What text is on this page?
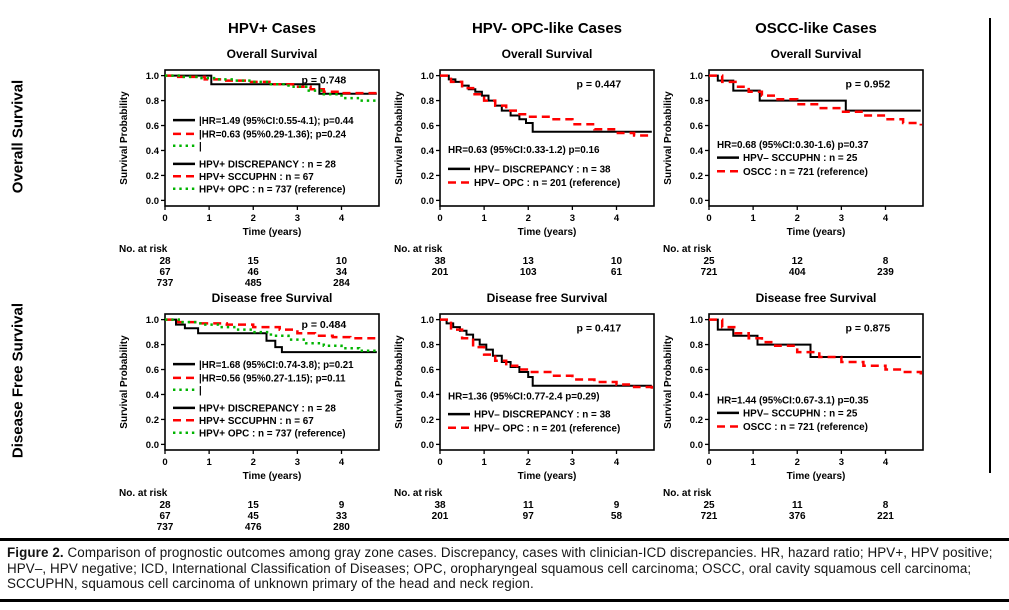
HPV+ Cases	HPV- OPC-like Cases	OSCC-like Cases
Overall Survival
Disease Free Survival
Overall Survival
1.0
0.8
0.6
0.4
0.2
0.0
0	1	2	3	4
Survival Probability
Time (years)
p = 0.748
|HR=1.49 (95%CI:0.55-4.1); p=0.44
|HR=0.63 (95%0.29-1.36); p=0.24
|
HPV+ DISCREPANCY : n = 28
HPV+ SCCUPHN : n = 67
HPV+ OPC : n = 737 (reference)
No. at risk
28	15	10
67	46	34
737	485	284
Overall Survival
1.0
0.8
0.6
0.4
0.2
0.0
0	1	2	3	4
Survival Probability
Time (years)
p = 0.447
HR=0.63 (95%CI:0.33-1.2) p=0.16
HPV– DISCREPANCY : n = 38
HPV– OPC : n = 201 (reference)
No. at risk
38	13	10
201	103	61
Overall Survival
1.0
0.8
0.6
0.4
0.2
0.0
0	1	2	3	4
Survival Probability
Time (years)
p = 0.952
HR=0.68 (95%CI:0.30-1.6) p=0.37
HPV– SCCUPHN : n = 25
OSCC : n = 721 (reference)
No. at risk
25	12	8
721	404	239
Disease free Survival
1.0
0.8
0.6
0.4
0.2
0.0
0	1	2	3	4
Survival Probability
Time (years)
p = 0.484
|HR=1.68 (95%CI:0.74-3.8); p=0.21
|HR=0.56 (95%0.27-1.15); p=0.11
|
HPV+ DISCREPANCY : n = 28
HPV+ SCCUPHN : n = 67
HPV+ OPC : n = 737 (reference)
No. at risk
28	15	9
67	45	33
737	476	280
Disease free Survival
1.0
0.8
0.6
0.4
0.2
0.0
0	1	2	3	4
Survival Probability
Time (years)
p = 0.417
HR=1.36 (95%CI:0.77-2.4 p=0.29)
HPV– DISCREPANCY : n = 38
HPV– OPC : n = 201 (reference)
No. at risk
38	11	9
201	97	58
Disease free Survival
1.0
0.8
0.6
0.4
0.2
0.0
0	1	2	3	4
Survival Probability
Time (years)
p = 0.875
HR=1.44 (95%CI:0.67-3.1) p=0.35
HPV– SCCUPHN : n = 25
OSCC : n = 721 (reference)
No. at risk
25	11	8
721	376	221
Figure 2. Comparison of prognostic outcomes among gray zone cases. Discrepancy, cases with clinician-ICD discrepancies. HR, hazard ratio; HPV+, HPV positive; HPV–, HPV negative; ICD, International Classification of Diseases; OPC, oropharyngeal squamous cell carcinoma; OSCC, oral cavity squamous cell carcinoma; SCCUPHN, squamous cell carcinoma of unknown primary of the head and neck region.
